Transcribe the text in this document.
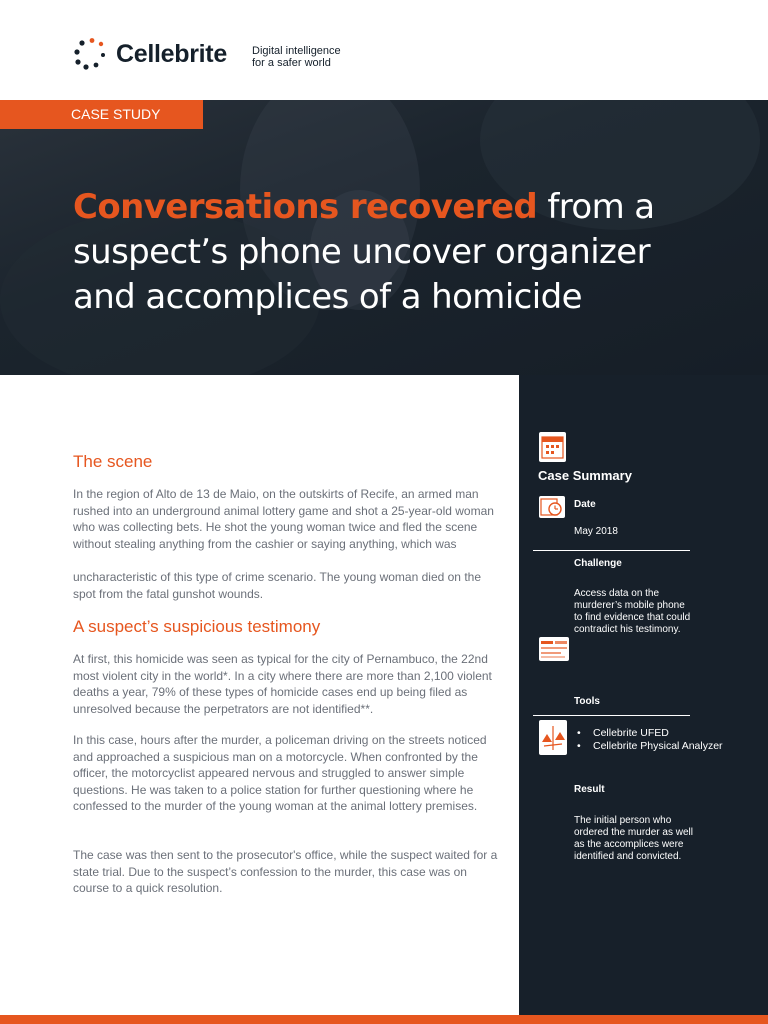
Cellebrite Digital intelligence
for a safer world
CASE STUDY
Conversations recovered from a suspect’s phone uncover organizer and accomplices of a homicide
The scene
In the region of Alto de 13 de Maio, on the outskirts of Recife, an armed man rushed into an underground animal lottery game and shot a 25-year-old woman who was collecting bets. He shot the young woman twice and fled the scene without stealing anything from the cashier or saying anything, which was
uncharacteristic of this type of crime scenario. The young woman died on the spot from the fatal gunshot wounds.
A suspect’s suspicious testimony
At first, this homicide was seen as typical for the city of Pernambuco, the 22nd most violent city in the world*. In a city where there are more than 2,100 violent deaths a year, 79% of these types of homicide cases end up being filed as unresolved because the perpetrators are not identified**.
In this case, hours after the murder, a policeman driving on the streets noticed and approached a suspicious man on a motorcycle. When confronted by the officer, the motorcyclist appeared nervous and struggled to answer simple questions. He was taken to a police station for further questioning where he confessed to the murder of the young woman at the animal lottery premises.
The case was then sent to the prosecutor's office, while the suspect waited for a state trial. Due to the suspect’s confession to the murder, this case was on course to a quick resolution.
Case Summary
Date
May 2018
Challenge
Access data on the murderer’s mobile phone to find evidence that could contradict his testimony.
Tools
• Cellebrite UFED
• Cellebrite Physical Analyzer
Result
The initial person who ordered the murder as well as the accomplices were identified and convicted.
